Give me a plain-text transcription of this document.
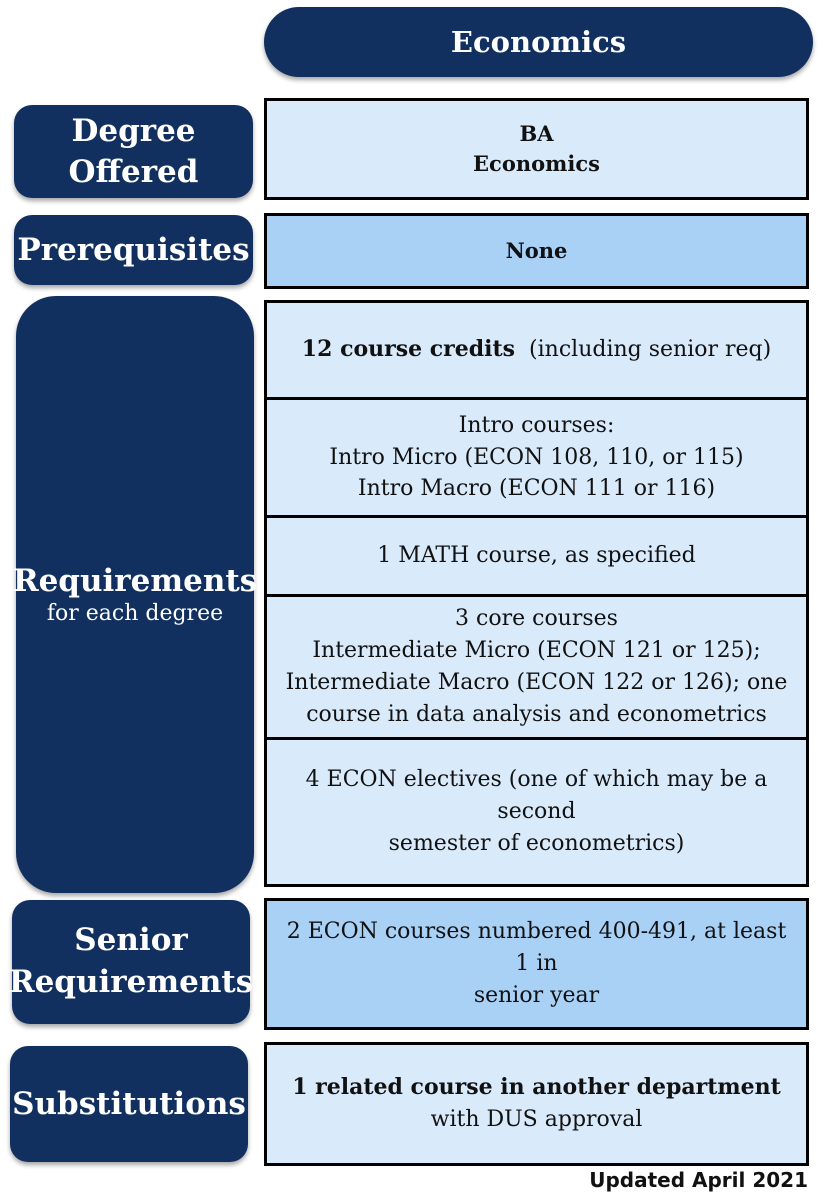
Economics
Degree Offered
BA
Economics
Prerequisites	None
Requirements
for each degree
12 course credits (including senior req)
Intro courses:
Intro Micro (ECON 108, 110, or 115)
Intro Macro (ECON 111 or 116)
1 MATH course, as specified
3 core courses
Intermediate Micro (ECON 121 or 125);
Intermediate Macro (ECON 122 or 126); one
course in data analysis and econometrics
4 ECON electives (one of which may be a second
semester of econometrics)
Senior
Requirements
2 ECON courses numbered 400-491, at least 1 in
senior year
Substitutions 1 related course in another department
with DUS approval
Updated April 2021
